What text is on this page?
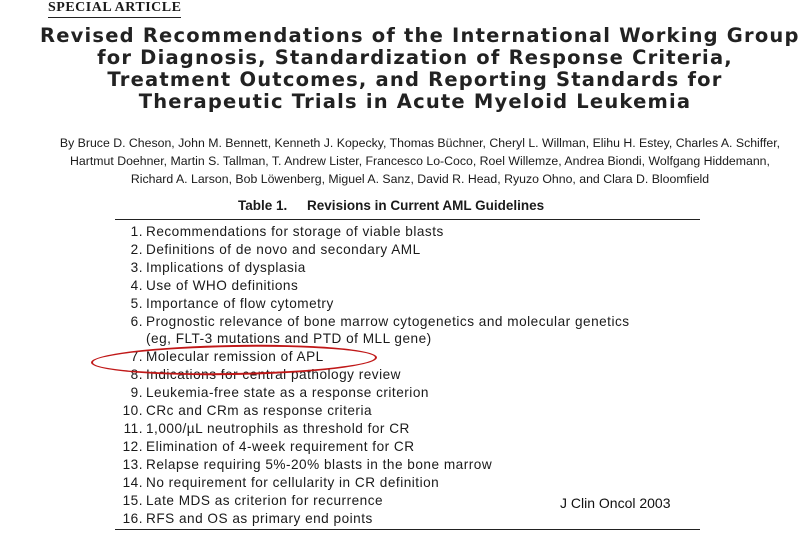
SPECIAL ARTICLE
Revised Recommendations of the International Working Group
for Diagnosis, Standardization of Response Criteria,
Treatment Outcomes, and Reporting Standards for
Therapeutic Trials in Acute Myeloid Leukemia
By Bruce D. Cheson, John M. Bennett, Kenneth J. Kopecky, Thomas Büchner, Cheryl L. Willman, Elihu H. Estey, Charles A. Schiffer,
Hartmut Doehner, Martin S. Tallman, T. Andrew Lister, Francesco Lo-Coco, Roel Willemze, Andrea Biondi, Wolfgang Hiddemann,
Richard A. Larson, Bob Löwenberg, Miguel A. Sanz, David R. Head, Ryuzo Ohno, and Clara D. Bloomfield
Table 1. Revisions in Current AML Guidelines
1. Recommendations for storage of viable blasts
2. Definitions of de novo and secondary AML
3. Implications of dysplasia
4. Use of WHO definitions
5. Importance of flow cytometry
6. Prognostic relevance of bone marrow cytogenetics and molecular genetics
(eg, FLT-3 mutations and PTD of MLL gene)
7. Molecular remission of APL
8. Indications for central pathology review
9. Leukemia-free state as a response criterion
10. CRc and CRm as response criteria
11. 1,000/µL neutrophils as threshold for CR
12. Elimination of 4-week requirement for CR
13. Relapse requiring 5%-20% blasts in the bone marrow
14. No requirement for cellularity in CR definition
15. Late MDS as criterion for recurrence
16. RFS and OS as primary end points
J Clin Oncol 2003
